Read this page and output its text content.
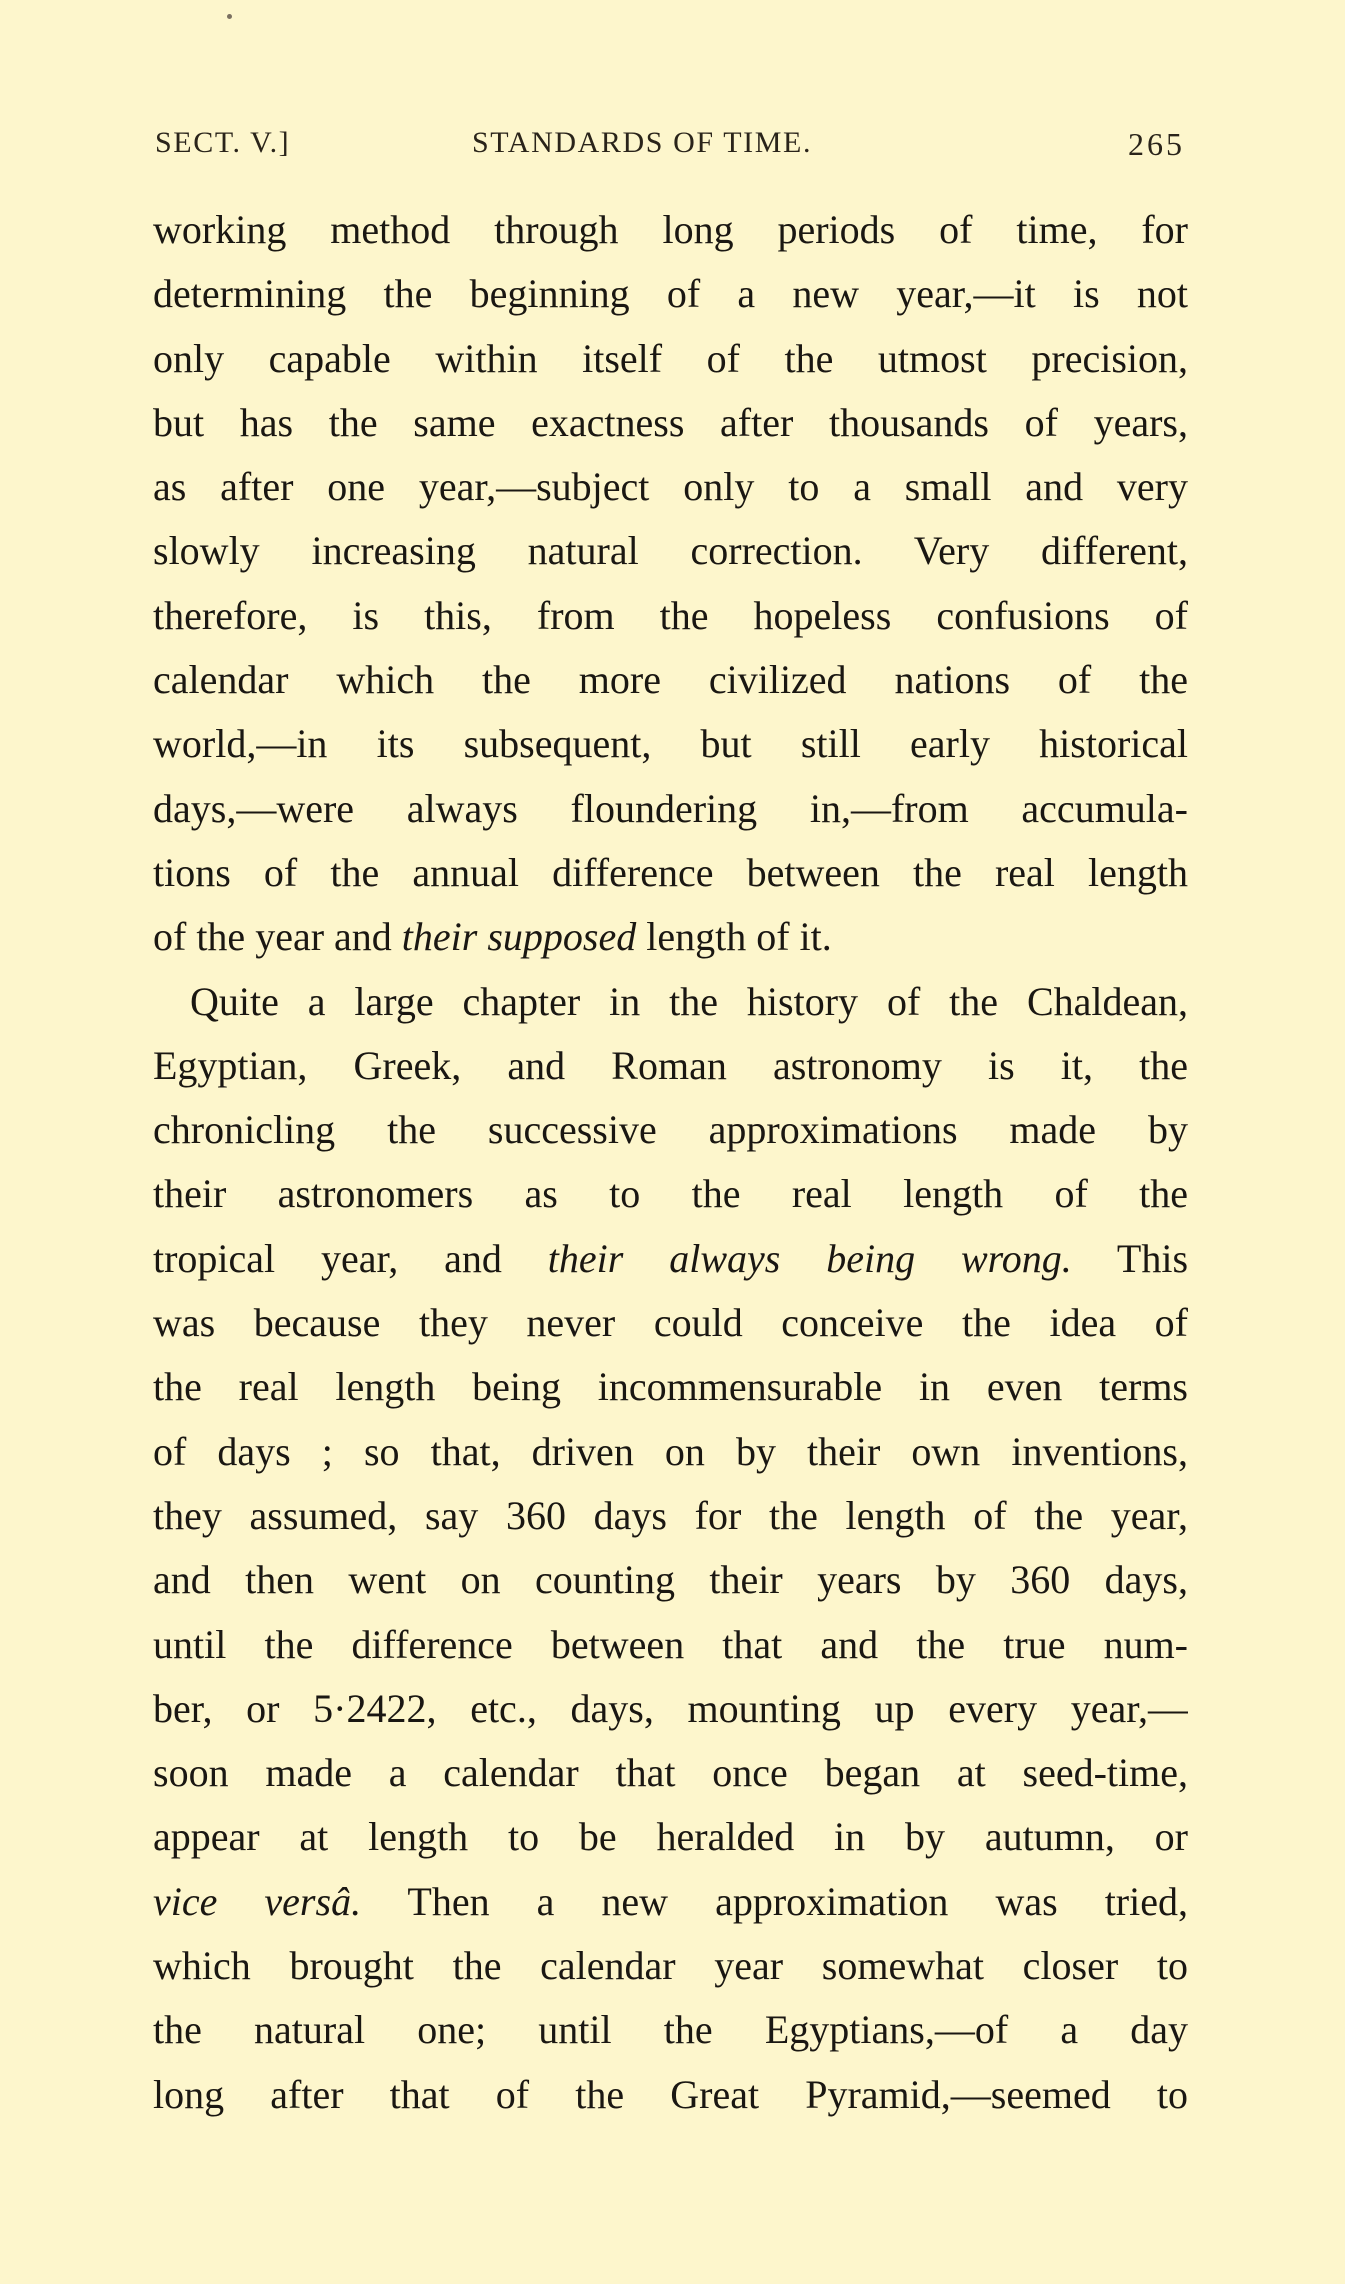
SECT. V.]	STANDARDS OF TIME.	265
working method through long periods of time, for
determining the beginning of a new year,—it is not
only capable within itself of the utmost precision,
but has the same exactness after thousands of years,
as after one year,—subject only to a small and very
slowly increasing natural correction. Very different,
therefore, is this, from the hopeless confusions of
calendar which the more civilized nations of the
world,—in its subsequent, but still early historical
days,—were always floundering in,—from accumula-
tions of the annual difference between the real length
of the year and their supposed length of it.
Quite a large chapter in the history of the Chaldean,
Egyptian, Greek, and Roman astronomy is it, the
chronicling the successive approximations made by
their astronomers as to the real length of the
tropical year, and their always being wrong. This
was because they never could conceive the idea of
the real length being incommensurable in even terms
of days ; so that, driven on by their own inventions,
they assumed, say 360 days for the length of the year,
and then went on counting their years by 360 days,
until the difference between that and the true num-
ber, or 5·2422, etc., days, mounting up every year,—
soon made a calendar that once began at seed-time,
appear at length to be heralded in by autumn, or
vice versâ. Then a new approximation was tried,
which brought the calendar year somewhat closer to
the natural one; until the Egyptians,—of a day
long after that of the Great Pyramid,—seemed to
